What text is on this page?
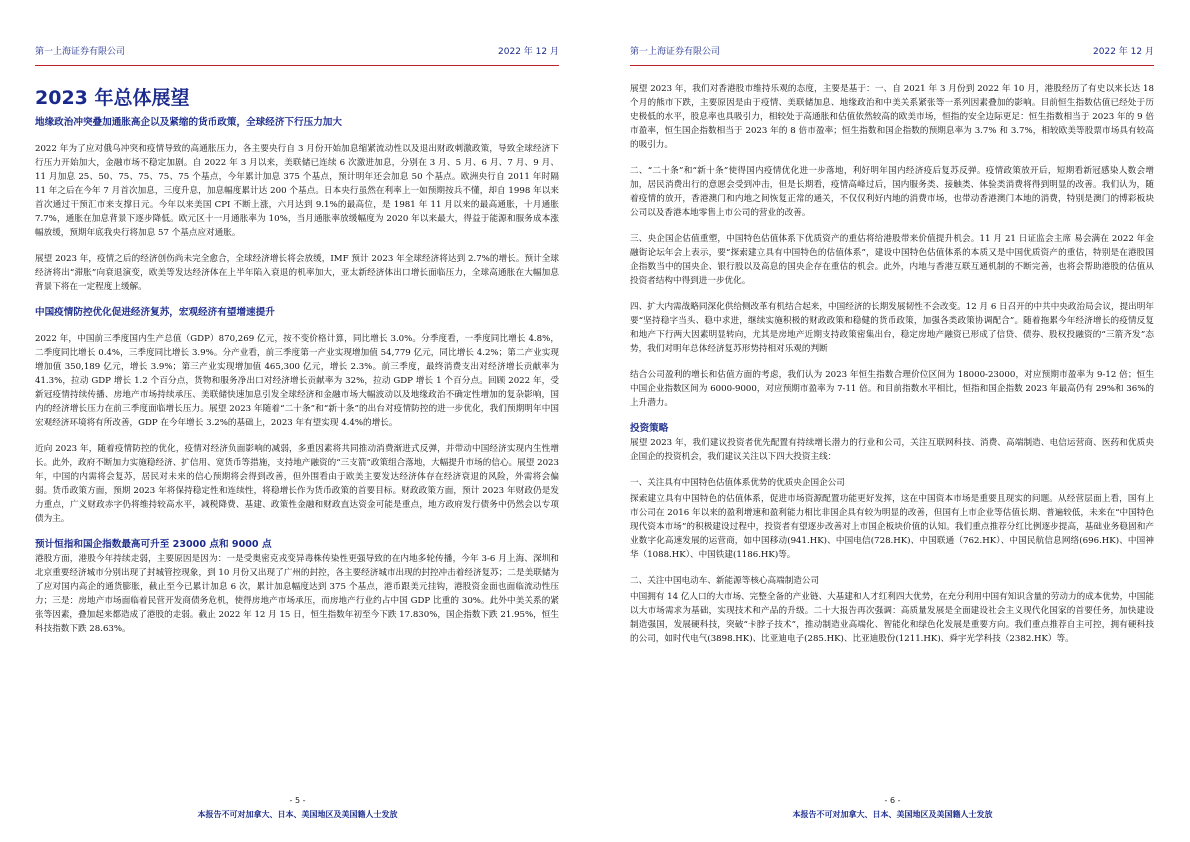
第一上海证券有限公司	2022 年 12 月
2023 年总体展望
地缘政治冲突叠加通胀高企以及紧缩的货币政策，全球经济下行压力加大

2022 年为了应对俄乌冲突和疫情导致的高通胀压力，各主要央行自 3 月份开始加息缩紧流动性以及退出财政刺激政策，导致全球经济下行压力开始加大，金融市场不稳定加剧。自 2022 年 3 月以来，美联储已连续 6 次激进加息，分别在 3 月、5 月、6 月、7 月、9 月、11 月加息 25、50、75、75、75、75 个基点，今年累计加息 375 个基点，预计明年还会加息 50 个基点。欧洲央行自 2011 年时隔 11 年之后在今年 7 月首次加息，三度升息，加息幅度累计达 200 个基点。日本央行虽然在利率上一如预期按兵不懂，却自 1998 年以来首次通过干预汇市来支撑日元。今年以来美国 CPI 不断上涨，六月达到 9.1%的最高位，是 1981 年 11 月以来的最高通胀，十月通胀 7.7%，通胀在加息背景下逐步降低。欧元区十一月通胀率为 10%，当月通胀率放缓幅度为 2020 年以来最大，得益于能源和服务成本涨幅放缓，预期年底我央行将加息 57 个基点应对通胀。

展望 2023 年，疫情之后的经济创伤尚未完全愈合，全球经济增长将会放缓，IMF 预计 2023 年全球经济将达到 2.7%的增长。预计全球经济将出“滞胀”向衰退演变，欧美等发达经济体在上半年陷入衰退的机率加大，亚太新经济体出口增长面临压力，全球高通胀在大幅加息背景下将在一定程度上缓解。

中国疫情防控优化促进经济复苏，宏观经济有望增速提升

2022 年，中国前三季度国内生产总值（GDP）870,269 亿元，按不变价格计算，同比增长 3.0%。分季度看，一季度同比增长 4.8%，二季度同比增长 0.4%，三季度同比增长 3.9%。分产业看，前三季度第一产业实现增加值 54,779 亿元，同比增长 4.2%；第二产业实现增加值 350,189 亿元，增长 3.9%；第三产业实现增加值 465,300 亿元，增长 2.3%。前三季度，最终消费支出对经济增长贡献率为 41.3%，拉动 GDP 增长 1.2 个百分点，货物和服务净出口对经济增长贡献率为 32%，拉动 GDP 增长 1 个百分点。回顾 2022 年，受新冠疫情持续传播、房地产市场持续承压、美联储快速加息引发全球经济和金融市场大幅波动以及地缘政治不确定性增加的复杂影响，国内的经济增长压力在前三季度面临增长压力。展望 2023 年随着“二十条”和“新十条”的出台对疫情防控的进一步优化，我们预期明年中国宏观经济环境将有所改善，GDP 在今年增长 3.2%的基础上，2023 年有望实现 4.4%的增长。

近向 2023 年，随着疫情防控的优化，疫情对经济负面影响的减弱，多重因素将共同推动消费渐进式反弹，并带动中国经济实现内生性增长。此外，政府不断加力实施稳经济、扩信用、宽货币等措施，支持地产融资的“三支箭”政策组合落地，大幅提升市场的信心。展望 2023 年，中国的内需将会复苏，居民对未来的信心预期将会得到改善，但外围看由于欧美主要发达经济体存在经济衰退的风险，外需将会偏弱。货币政策方面，预期 2023 年将保持稳定性和连续性，将稳增长作为货币政策的首要目标。财政政策方面，预计 2023 年财政仍是发力重点，广义财政赤字仍将维持较高水平，减税降费、基建、政策性金融和财政直达资金可能是重点，地方政府发行债务中仍然会以专项债为主。

预计恒指和国企指数最高可升至 23000 点和 9000 点

港股方面，港股今年持续走弱，主要原因是因为：一是受奥密克戎变异毒株传染性更强导致的在内地多轮传播，今年 3-6 月上海、深圳和北京重要经济城市分别出现了封城管控现象，到 10 月份又出现了广州的封控，各主要经济城市出现的封控冲击着经济复苏；二是美联储为了应对国内高企的通货膨胀，截止至今已累计加息 6 次，累计加息幅度达到 375 个基点，港币跟美元挂钩，港股资金面也面临流动性压力；三是：房地产市场面临着民营开发商债务危机，使得房地产市场承压，而房地产行业约占中国 GDP 比重的 30%。此外中美关系的紧张等因素，叠加起来都造成了港股的走弱。截止 2022 年 12 月 15 日，恒生指数年初至今下跌 17.830%，国企指数下跌 21.95%，恒生科技指数下跌 28.63%。

- 5 -
本报告不可对加拿大、日本、美国地区及美国籍人士发放
第一上海证券有限公司	2022 年 12 月

展望 2023 年，我们对香港股市维持乐观的态度，主要是基于：一、自 2021 年 3 月份到 2022 年 10 月，港股经历了有史以来长达 18 个月的熊市下跌，主要原因是由于疫情、美联储加息、地缘政治和中美关系紧张等一系列因素叠加的影响。目前恒生指数估值已经处于历史极低的水平，股息率也具吸引力，相较处于高通胀和估值依然较高的欧美市场，恒指的安全边际更足：恒生指数相当于 2023 年的 9 倍市盈率，恒生国企指数相当于 2023 年的 8 倍市盈率；恒生指数和国企指数的预期息率为 3.7% 和 3.7%，相较欧美等股票市场具有较高的吸引力。

二、“二十条”和“新十条”使得国内疫情优化进一步落地，利好明年国内经济疫后复苏反弹。疫情政策放开后，短期看新冠感染人数会增加，居民消费出行的意愿会受到冲击，但是长期看，疫情高峰过后，国内服务类、接触类、体验类消费将得到明显的改善。我们认为，随着疫情的放开，香港澳门和内地之间恢复正常的通关，不仅仅利好内地的消费市场，也带动香港澳门本地的消费，特别是澳门的博彩板块公司以及香港本地零售上市公司的营业的改善。

三、央企国企估值重塑，中国特色估值体系下优质资产的重估将给港股带来价值提升机会。11 月 21 日证监会主席 易会满在 2022 年金融街论坛年会上表示，要“探索建立具有中国特色的估值体系”，建设中国特色估值体系的本质又是中国优质资产的重估，特别是在港股国企指数当中的国央企、银行股以及高息的国央企存在重估的机会。此外，内地与香港互联互通机制的不断完善，也将会帮助港股的估值从投资者结构中得到进一步优化。

四、扩大内需战略同深化供给侧改革有机结合起来，中国经济的长期发展韧性不会改变。12 月 6 日召开的中共中央政治局会议，提出明年要“坚持稳字当头、稳中求进，继续实施积极的财政政策和稳健的货币政策，加强各类政策协调配合”。随着拖累今年经济增长的疫情反复和地产下行两大因素明显转向，尤其是房地产近期支持政策密集出台，稳定房地产融资已形成了信贷、债券、股权投融资的“三箭齐发”态势，我们对明年总体经济复苏形势持相对乐观的判断

结合公司盈利的增长和估值方面的考虑，我们认为 2023 年恒生指数合理价位区间为 18000-23000，对应预期市盈率为 9-12 倍；恒生中国企业指数区间为 6000-9000，对应预期市盈率为 7-11 倍。和目前指数水平相比，恒指和国企指数 2023 年最高仍有 29%和 36%的上升潜力。

投资策略

展望 2023 年，我们建议投资者优先配置有持续增长潜力的行业和公司，关注互联网科技、消费、高端制造、电信运营商、医药和优质央企国企的投资机会，我们建议关注以下四大投资主线：

一、关注具有中国特色估值体系优势的优质央企国企公司

探索建立具有中国特色的估值体系，促进市场资源配置功能更好发挥，这在中国资本市场是重要且现实的问题。从经营层面上看，国有上市公司在 2016 年以来的盈利增速和盈利能力相比非国企具有较为明显的改善，但国有上市企业等估值长期、普遍较低，未来在“中国特色现代资本市场”的积极建设过程中，投资者有望逐步改善对上市国企板块价值的认知。我们重点推荐分红比例逐步提高，基础业务稳固和产业数字化高速发展的运营商，如中国移动(941.HK)、中国电信(728.HK)、中国联通（762.HK）、中国民航信息网络(696.HK)、中国神华（1088.HK）、中国铁建(1186.HK)等。

二、关注中国电动车、新能源等核心高端制造公司

中国拥有 14 亿人口的大市场、完整全备的产业链、大基建和人才红利四大优势，在充分利用中国有知识含量的劳动力的成本优势，中国能以大市场需求为基础，实现技术和产品的升级。二十大报告再次强调：高质量发展是全面建设社会主义现代化国家的首要任务，加快建设制造强国，发展硬科技，突破“卡脖子技术”，推动制造业高端化、智能化和绿色化发展是重要方向。我们重点推荐自主可控，拥有硬科技的公司，如时代电气(3898.HK)、比亚迪电子(285.HK)、比亚迪股份(1211.HK)、舜宇光学科技（2382.HK）等。

- 6 -
本报告不可对加拿大、日本、美国地区及美国籍人士发放
